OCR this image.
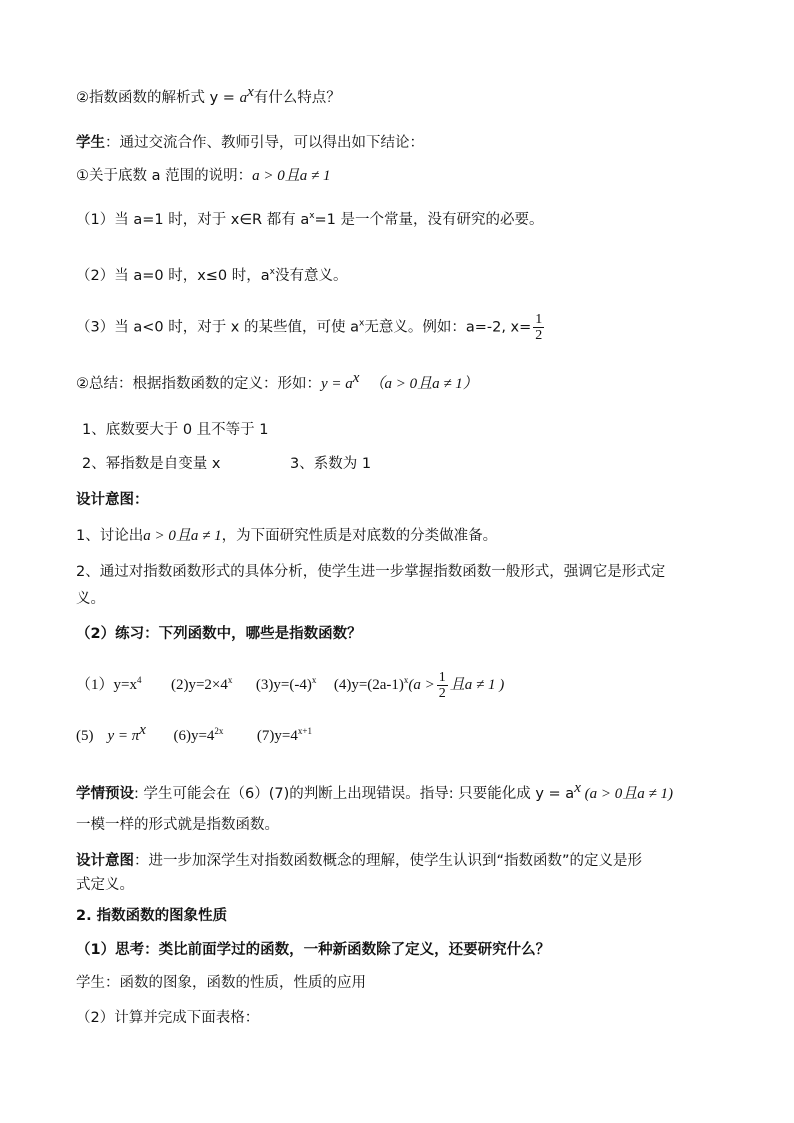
②指数函数的解析式 $y = a^x$有什么特点？
学生：通过交流合作、教师引导，可以得出如下结论：
①关于底数 a 范围的说明：a > 0且a ≠ 1
（1）当 a=1 时，对于 x∈R 都有 $a^x=1$ 是一个常量，没有研究的必要。
（2）当 a=0 时，x≤0 时，$a^x$没有意义。
（3）当 a<0 时，对于 x 的某些值，可使 $a^x$无意义。例如：a=-2, $x= \frac{1}{2}$
②总结：根据指数函数的定义：形如：$y = a^x$ （a > 0且a ≠ 1）
1、底数要大于 0 且不等于 1
2、幂指数是自变量 x	3、系数为 1
设计意图：
1、讨论出a > 0且a ≠ 1，为下面研究性质是对底数的分类做准备。
2、通过对指数函数形式的具体分析，使学生进一步掌握指数函数一般形式，强调它是形式定
义。
（2）练习：下列函数中，哪些是指数函数？
$(1)y=x^4$ $(2)y=2\times 4^x$ $(3)y=(-4)^x$ $(4)y=(2a-1)^x(a > \frac{1}{2}$ 且a ≠ 1 )
(5) $y = \pi^x$ $(6)y=4^{2x}$ $(7)y=4^{x+1}$
学情预设: 学生可能会在（6）(7)的判断上出现错误。指导: 只要能化成 $y = a^x$ (a > 0且a ≠ 1)
一模一样的形式就是指数函数。
设计意图：进一步加深学生对指数函数概念的理解，使学生认识到“指数函数”的定义是形
式定义。
2. 指数函数的图象性质
（1）思考：类比前面学过的函数，一种新函数除了定义，还要研究什么？
学生：函数的图象，函数的性质，性质的应用
（2）计算并完成下面表格：
